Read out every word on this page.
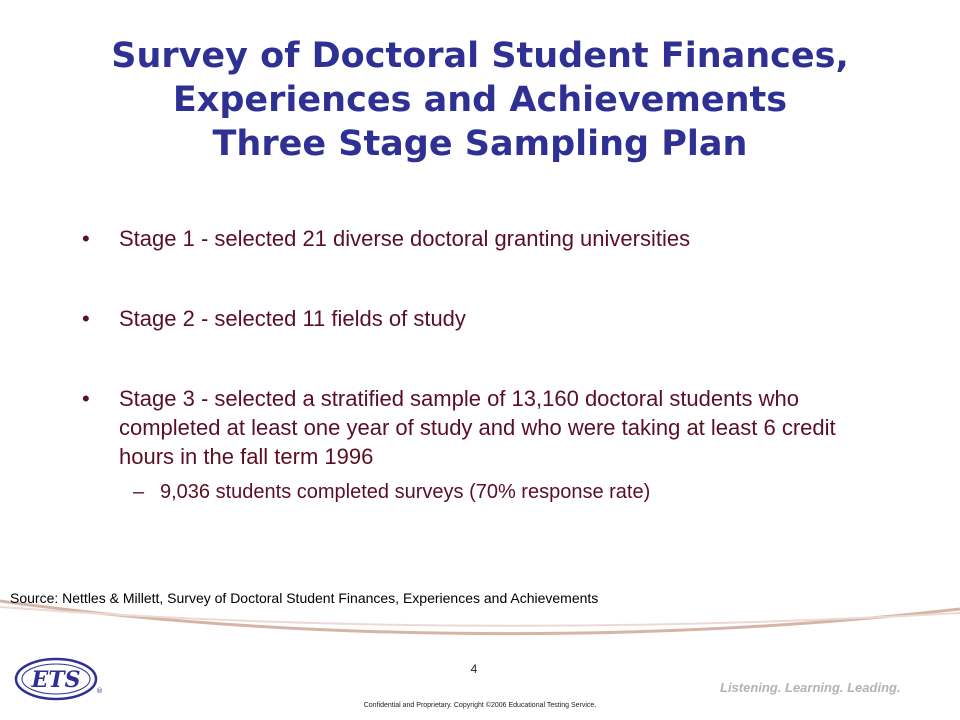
Survey of Doctoral Student Finances,
Experiences and Achievements
Three Stage Sampling Plan
• Stage 1 - selected 21 diverse doctoral granting universities
• Stage 2 - selected 11 fields of study
• Stage 3 - selected a stratified sample of 13,160 doctoral students who completed at least one year of study and who were taking at least 6 credit hours in the fall term 1996
– 9,036 students completed surveys (70% response rate)
Source: Nettles & Millett, Survey of Doctoral Student Finances, Experiences and Achievements
ETS ®
4
Listening. Learning. Leading.
Confidential and Proprietary. Copyright ©2006 Educational Testing Service.
